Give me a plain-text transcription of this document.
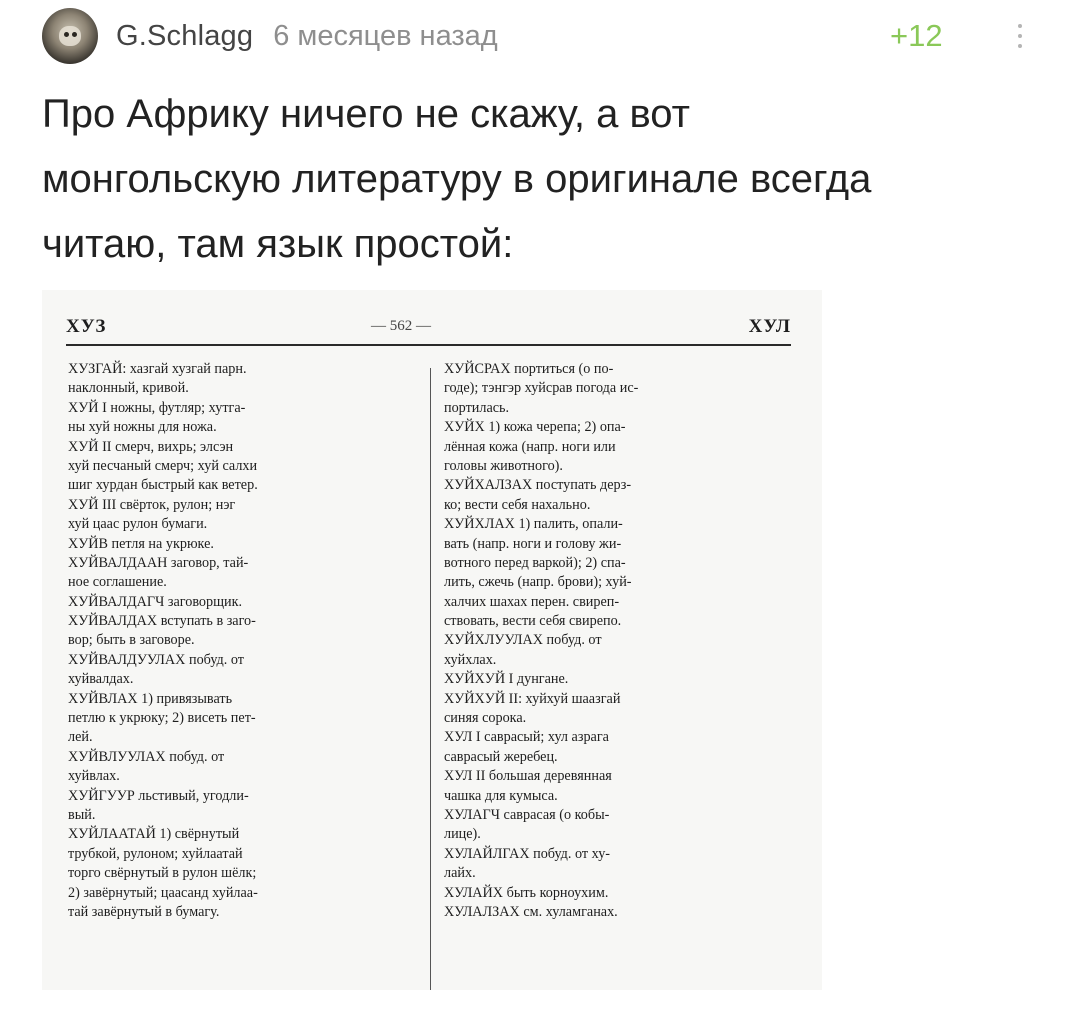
G.Schlagg 6 месяцев назад	+12
Про Африку ничего не скажу, а вот
монгольскую литературу в оригинале всегда
читаю, там язык простой:
ХУЗ	— 562 —	ХУЛ
ХУЗГАЙ: хазгай хузгай парн.
наклонный, кривой.
ХУЙ I ножны, футляр; хутга-
ны хуй ножны для ножа.
ХУЙ II смерч, вихрь; элсэн
хуй песчаный смерч; хуй салхи
шиг хурдан быстрый как ветер.
ХУЙ III свёрток, рулон; нэг
хуй цаас рулон бумаги.
ХУЙВ петля на укрюке.
ХУЙВАЛДААН заговор, тай-
ное соглашение.
ХУЙВАЛДАГЧ заговорщик.
ХУЙВАЛДАХ вступать в заго-
вор; быть в заговоре.
ХУЙВАЛДУУЛАХ побуд. от
хуйвалдах.
ХУЙВЛАХ 1) привязывать
петлю к укрюку; 2) висеть пет-
лей.
ХУЙВЛУУЛАХ побуд. от
хуйвлах.
ХУЙГУУР льстивый, угодли-
вый.
ХУЙЛААТАЙ 1) свёрнутый
трубкой, рулоном; хуйлаатай
торго свёрнутый в рулон шёлк;
2) завёрнутый; цаасанд хуйлаа-
тай завёрнутый в бумагу.
ХУЙСРАХ портиться (о по-
годе); тэнгэр хуйсрав погода ис-
портилась.
ХУЙХ 1) кожа черепа; 2) опа-
лённая кожа (напр. ноги или
головы животного).
ХУЙХАЛЗАХ поступать дерз-
ко; вести себя нахально.
ХУЙХЛАХ 1) палить, опали-
вать (напр. ноги и голову жи-
вотного перед варкой); 2) спа-
лить, сжечь (напр. брови); хуй-
халчих шахах перен. свиреп-
ствовать, вести себя свирепо.
ХУЙХЛУУЛАХ побуд. от
хуйхлах.
ХУЙХУЙ I дунгане.
ХУЙХУЙ II: хуйхуй шаазгай
синяя сорока.
ХУЛ I саврасый; хул азрага
саврасый жеребец.
ХУЛ II большая деревянная
чашка для кумыса.
ХУЛАГЧ саврасая (о кобы-
лице).
ХУЛАЙЛГАХ побуд. от ху-
лайх.
ХУЛАЙХ быть корноухим.
ХУЛАЛЗАХ см. хуламганах.
